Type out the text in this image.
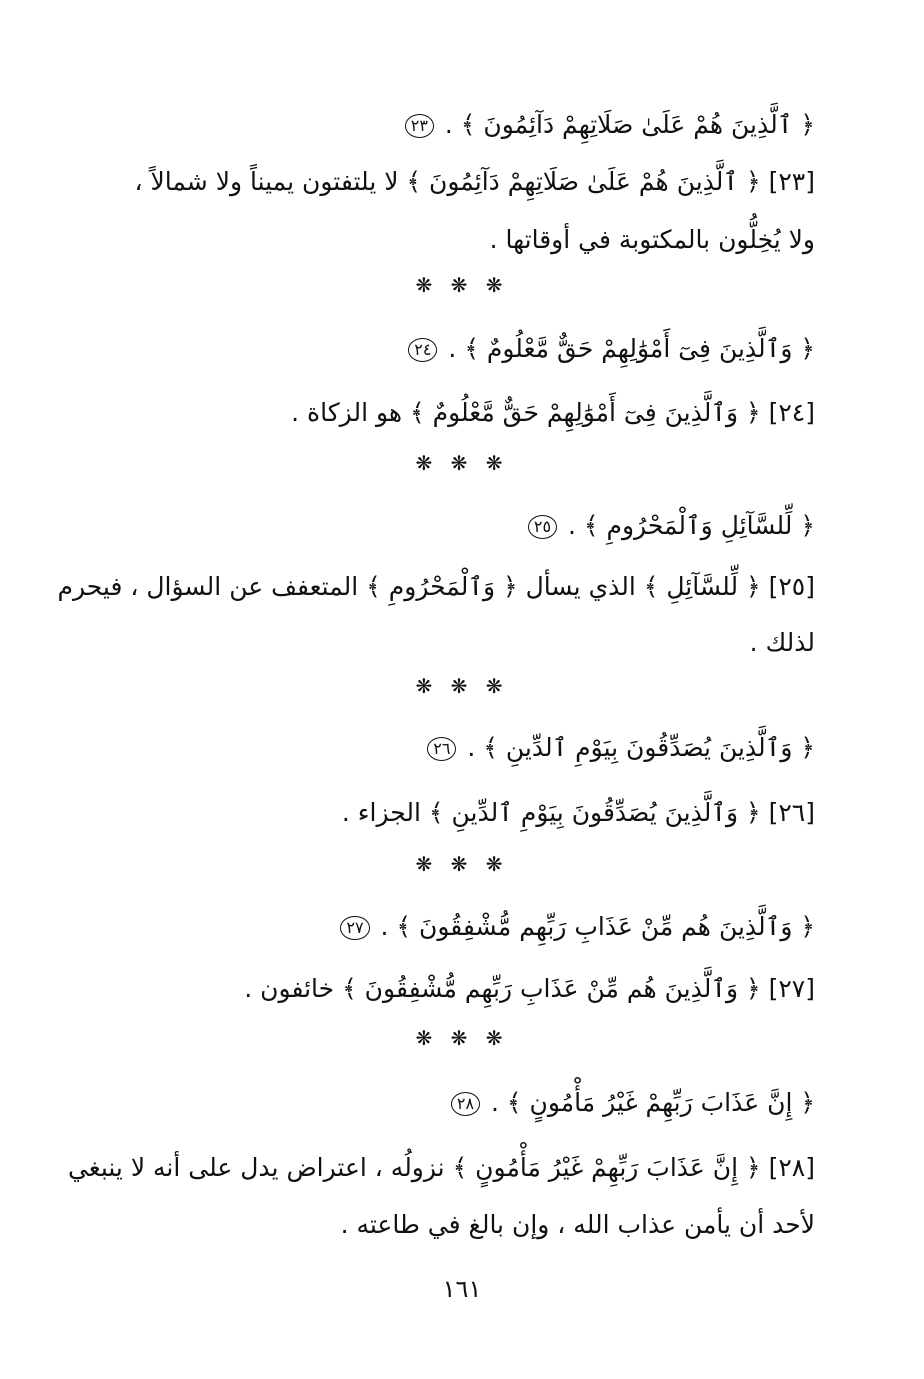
﴿ ٱلَّذِينَ هُمْ عَلَىٰ صَلَاتِهِمْ دَآئِمُونَ ﴾ . ٢٣
[٢٣] ﴿ ٱلَّذِينَ هُمْ عَلَىٰ صَلَاتِهِمْ دَآئِمُونَ ﴾ لا يلتفتون يميناً ولا شمالاً ،
ولا يُخِلُّون بالمكتوبة في أوقاتها .
❋ ❋ ❋
﴿ وَٱلَّذِينَ فِىٓ أَمْوَٰلِهِمْ حَقٌّ مَّعْلُومٌ ﴾ . ٢٤
[٢٤] ﴿ وَٱلَّذِينَ فِىٓ أَمْوَٰلِهِمْ حَقٌّ مَّعْلُومٌ ﴾ هو الزكاة .
❋ ❋ ❋
﴿ لِّلسَّآئِلِ وَٱلْمَحْرُومِ ﴾ . ٢٥
[٢٥] ﴿ لِّلسَّآئِلِ ﴾ الذي يسأل ﴿ وَٱلْمَحْرُومِ ﴾ المتعفف عن السؤال ، فيحرم
لذلك .
❋ ❋ ❋
﴿ وَٱلَّذِينَ يُصَدِّقُونَ بِيَوْمِ ٱلدِّينِ ﴾ . ٢٦
[٢٦] ﴿ وَٱلَّذِينَ يُصَدِّقُونَ بِيَوْمِ ٱلدِّينِ ﴾ الجزاء .
❋ ❋ ❋
﴿ وَٱلَّذِينَ هُم مِّنْ عَذَابِ رَبِّهِم مُّشْفِقُونَ ﴾ . ٢٧
[٢٧] ﴿ وَٱلَّذِينَ هُم مِّنْ عَذَابِ رَبِّهِم مُّشْفِقُونَ ﴾ خائفون .
❋ ❋ ❋
﴿ إِنَّ عَذَابَ رَبِّهِمْ غَيْرُ مَأْمُونٍ ﴾ . ٢٨
[٢٨] ﴿ إِنَّ عَذَابَ رَبِّهِمْ غَيْرُ مَأْمُونٍ ﴾ نزولُه ، اعتراض يدل على أنه لا ينبغي
لأحد أن يأمن عذاب الله ، وإن بالغ في طاعته .
١٦١
